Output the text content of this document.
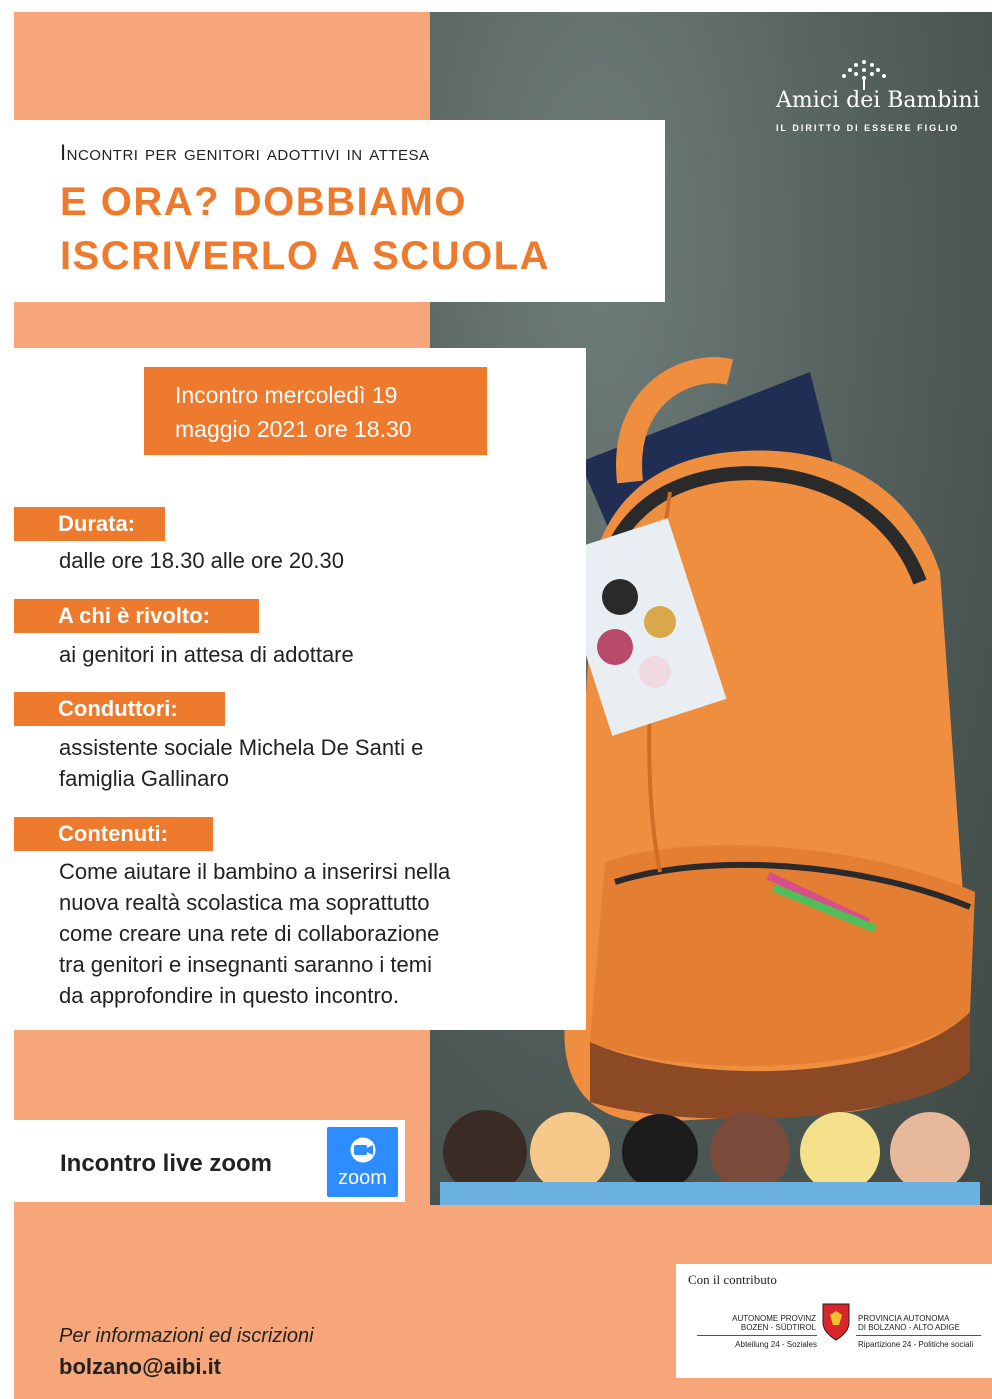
Amici dei Bambini
IL DIRITTO DI ESSERE FIGLIO
Incontri per genitori adottivi in attesa
E ORA? DOBBIAMO
ISCRIVERLO A SCUOLA
Incontro mercoledì 19
maggio 2021 ore 18.30
Durata:
dalle ore 18.30 alle ore 20.30
A chi è rivolto:
ai genitori in attesa di adottare
Conduttori:
assistente sociale Michela De Santi e
famiglia Gallinaro
Contenuti:
Come aiutare il bambino a inserirsi nella
nuova realtà scolastica ma soprattutto
come creare una rete di collaborazione
tra genitori e insegnanti saranno i temi
da approfondire in questo incontro.
Incontro live zoom
zoom
Con il contributo
AUTONOME PROVINZ
BOZEN - SÜDTIROL
Abteilung 24 - Soziales
PROVINCIA AUTONOMA
DI BOLZANO - ALTO ADIGE
Ripartizione 24 - Politiche sociali
Per informazioni ed iscrizioni
bolzano@aibi.it
